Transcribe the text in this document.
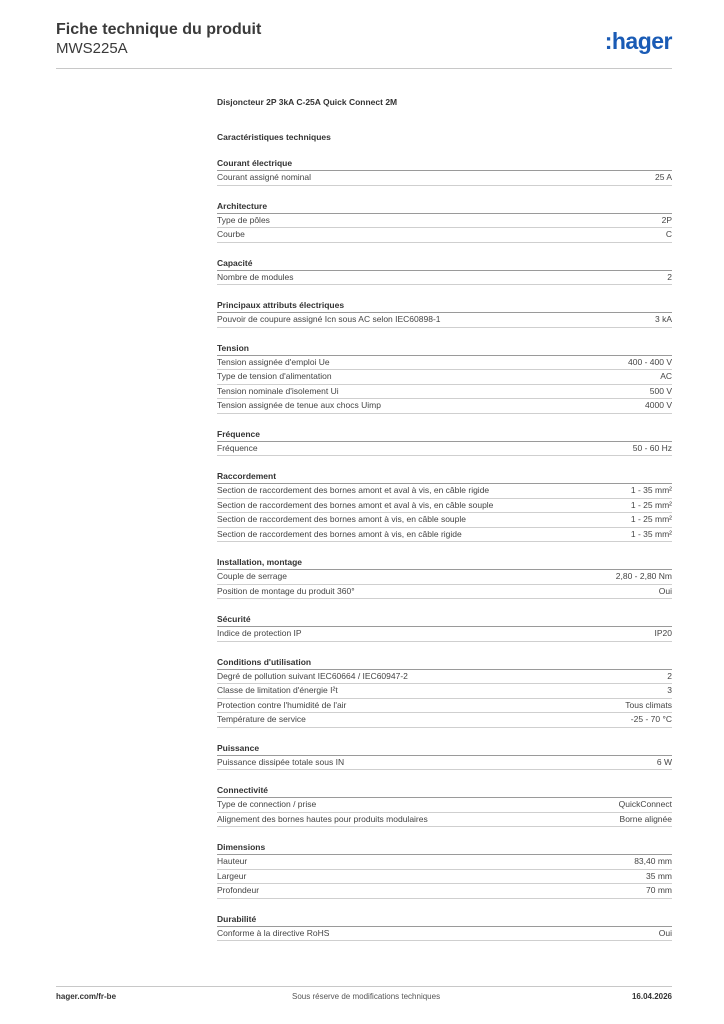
Fiche technique du produit
MWS225A	:hager
Disjoncteur 2P 3kA C-25A Quick Connect 2M
Caractéristiques techniques
Courant électrique
Courant assigné nominal	25 A
Architecture
Type de pôles	2P
Courbe	C
Capacité
Nombre de modules	2
Principaux attributs électriques
Pouvoir de coupure assigné Icn sous AC selon IEC60898-1	3 kA
Tension
Tension assignée d'emploi Ue	400 - 400 V
Type de tension d'alimentation	AC
Tension nominale d'isolement Ui	500 V
Tension assignée de tenue aux chocs Uimp	4000 V
Fréquence
Fréquence	50 - 60 Hz
Raccordement
Section de raccordement des bornes amont et aval à vis, en câble rigide	1 - 35 mm²
Section de raccordement des bornes amont et aval à vis, en câble souple	1 - 25 mm²
Section de raccordement des bornes amont à vis, en câble souple	1 - 25 mm²
Section de raccordement des bornes amont à vis, en câble rigide	1 - 35 mm²
Installation, montage
Couple de serrage	2,80 - 2,80 Nm
Position de montage du produit 360°	Oui
Sécurité
Indice de protection IP	IP20
Conditions d'utilisation
Degré de pollution suivant IEC60664 / IEC60947-2	2
Classe de limitation d'énergie I²t	3
Protection contre l'humidité de l'air	Tous climats
Température de service	-25 - 70 °C
Puissance
Puissance dissipée totale sous IN	6 W
Connectivité
Type de connection / prise	QuickConnect
Alignement des bornes hautes pour produits modulaires	Borne alignée
Dimensions
Hauteur	83,40 mm
Largeur	35 mm
Profondeur	70 mm
Durabilité
Conforme à la directive RoHS	Oui
hager.com/fr-be	Sous réserve de modifications techniques	16.04.2026
